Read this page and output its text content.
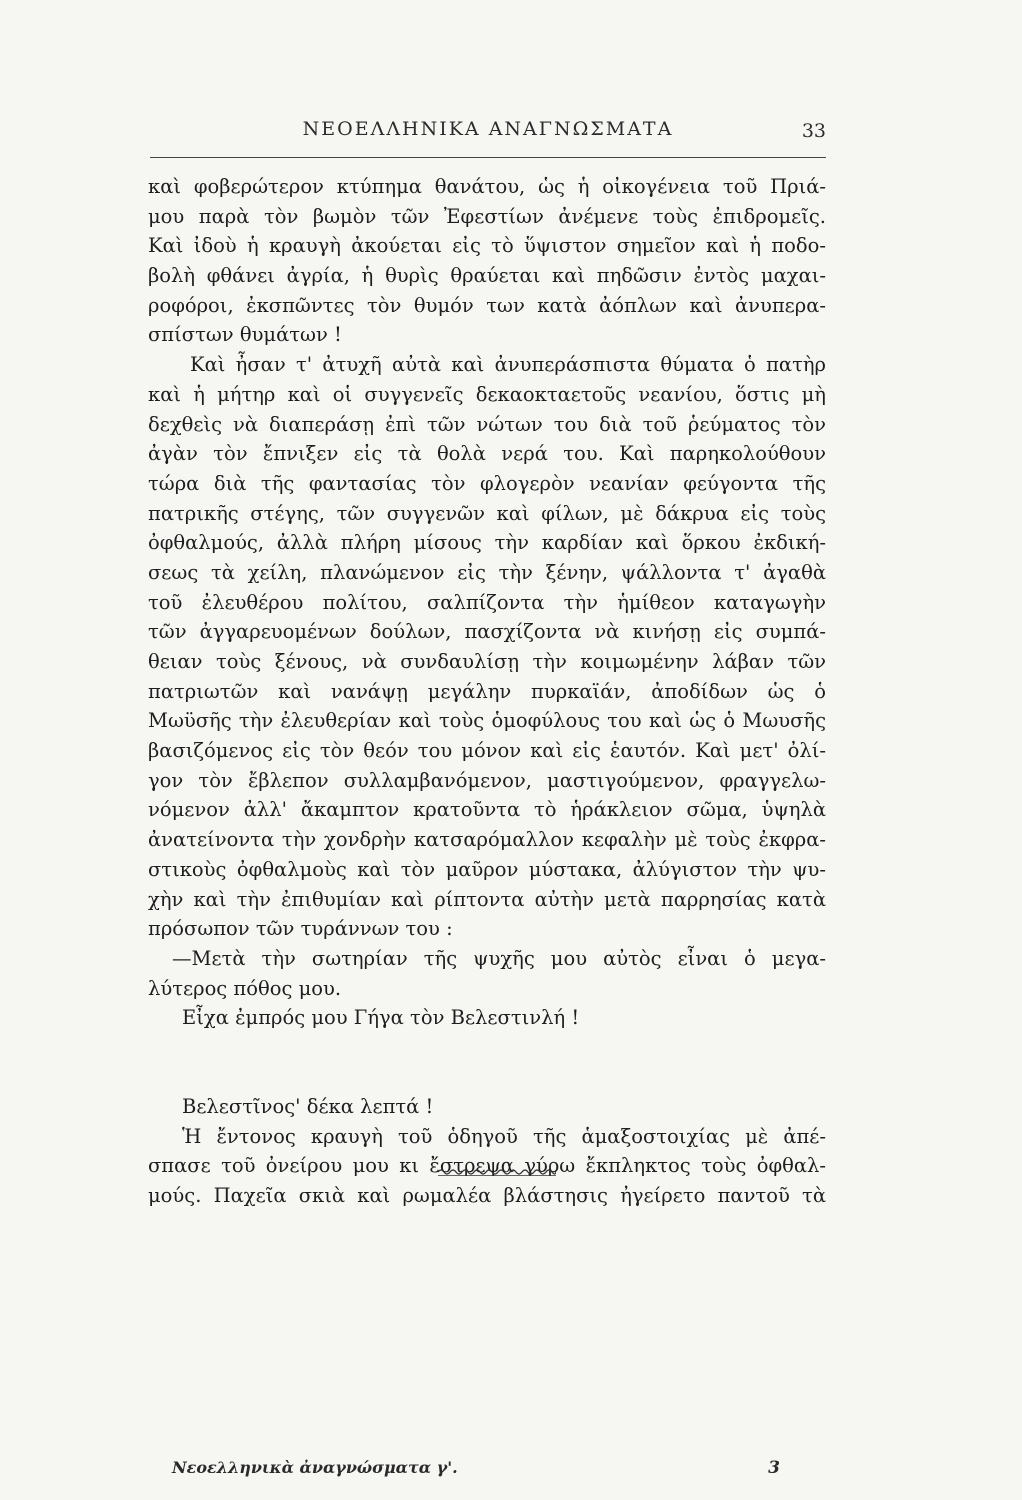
ΝΕΟΕΛΛΗΝΙΚΑ ΑΝΑΓΝΩΣΜΑΤΑ	33
καὶ φοβερώτερον κτύπημα θανάτου, ὡς ἡ οἰκογένεια τοῦ Πριά-
μου παρὰ τὸν βωμὸν τῶν Ἐφεστίων ἀνέμενε τοὺς ἐπιδρομεῖς.
Καὶ ἰδοὺ ἡ κραυγὴ ἀκούεται εἰς τὸ ὕψιστον σημεῖον καὶ ἡ ποδο-
βολὴ φθάνει ἀγρία, ἡ θυρὶς θραύεται καὶ πηδῶσιν ἐντὸς μαχαι-
ροφόροι, ἐκσπῶντες τὸν θυμόν των κατὰ ἀόπλων καὶ ἀνυπερα-
σπίστων θυμάτων !
Καὶ ἦσαν τ' ἀτυχῆ αὐτὰ καὶ ἀνυπεράσπιστα θύματα ὁ πατὴρ
καὶ ἡ μήτηρ καὶ οἱ συγγενεῖς δεκαοκταετοῦς νεανίου, ὅστις μὴ
δεχθεὶς νὰ διαπεράσῃ ἐπὶ τῶν νώτων του διὰ τοῦ ῥεύματος τὸν
ἀγὰν τὸν ἔπνιξεν εἰς τὰ θολὰ νερά του. Καὶ παρηκολούθουν
τώρα διὰ τῆς φαντασίας τὸν φλογερὸν νεανίαν φεύγοντα τῆς
πατρικῆς στέγης, τῶν συγγενῶν καὶ φίλων, μὲ δάκρυα εἰς τοὺς
ὀφθαλμούς, ἀλλὰ πλήρη μίσους τὴν καρδίαν καὶ ὅρκου ἐκδική-
σεως τὰ χείλη, πλανώμενον εἰς τὴν ξένην, ψάλλοντα τ' ἀγαθὰ
τοῦ ἐλευθέρου πολίτου, σαλπίζοντα τὴν ἡμίθεον καταγωγὴν
τῶν ἀγγαρευομένων δούλων, πασχίζοντα νὰ κινήσῃ εἰς συμπά-
θειαν τοὺς ξένους, νὰ συνδαυλίσῃ τὴν κοιμωμένην λάβαν τῶν
πατριωτῶν καὶ νανάψῃ μεγάλην πυρκαϊάν, ἀποδίδων ὡς ὁ
Μωϋσῆς τὴν ἐλευθερίαν καὶ τοὺς ὁμοφύλους του καὶ ὡς ὁ Μωυσῆς
βασιζόμενος εἰς τὸν θεόν του μόνον καὶ εἰς ἑαυτόν. Καὶ μετ' ὀλί-
γον τὸν ἔβλεπον συλλαμβανόμενον, μαστιγούμενον, φραγγελω-
νόμενον ἀλλ' ἄκαμπτον κρατοῦντα τὸ ἡράκλειον σῶμα, ὑψηλὰ
ἀνατείνοντα τὴν χονδρὴν κατσαρόμαλλον κεφαλὴν μὲ τοὺς ἐκφρα-
στικοὺς ὀφθαλμοὺς καὶ τὸν μαῦρον μύστακα, ἀλύγιστον τὴν ψυ-
χὴν καὶ τὴν ἐπιθυμίαν καὶ ρίπτοντα αὐτὴν μετὰ παρρησίας κατὰ
πρόσωπον τῶν τυράννων του :
—Μετὰ τὴν σωτηρίαν τῆς ψυχῆς μου αὐτὸς εἶναι ὁ μεγα-
λύτερος πόθος μου.
Εἶχα ἐμπρός μου Γήγα τὸν Βελεστινλή !
Βελεστῖνος' δέκα λεπτά !
Ἡ ἔντονος κραυγὴ τοῦ ὁδηγοῦ τῆς ἁμαξοστοιχίας μὲ ἀπέ-
σπασε τοῦ ὀνείρου μου κι ἔστρεψα γύρω ἔκπληκτος τοὺς ὀφθαλ-
μούς. Παχεῖα σκιὰ καὶ ρωμαλέα βλάστησις ἠγείρετο παντοῦ τὰ
Νεοελληνικὰ ἀναγνώσματα γ'.	3
